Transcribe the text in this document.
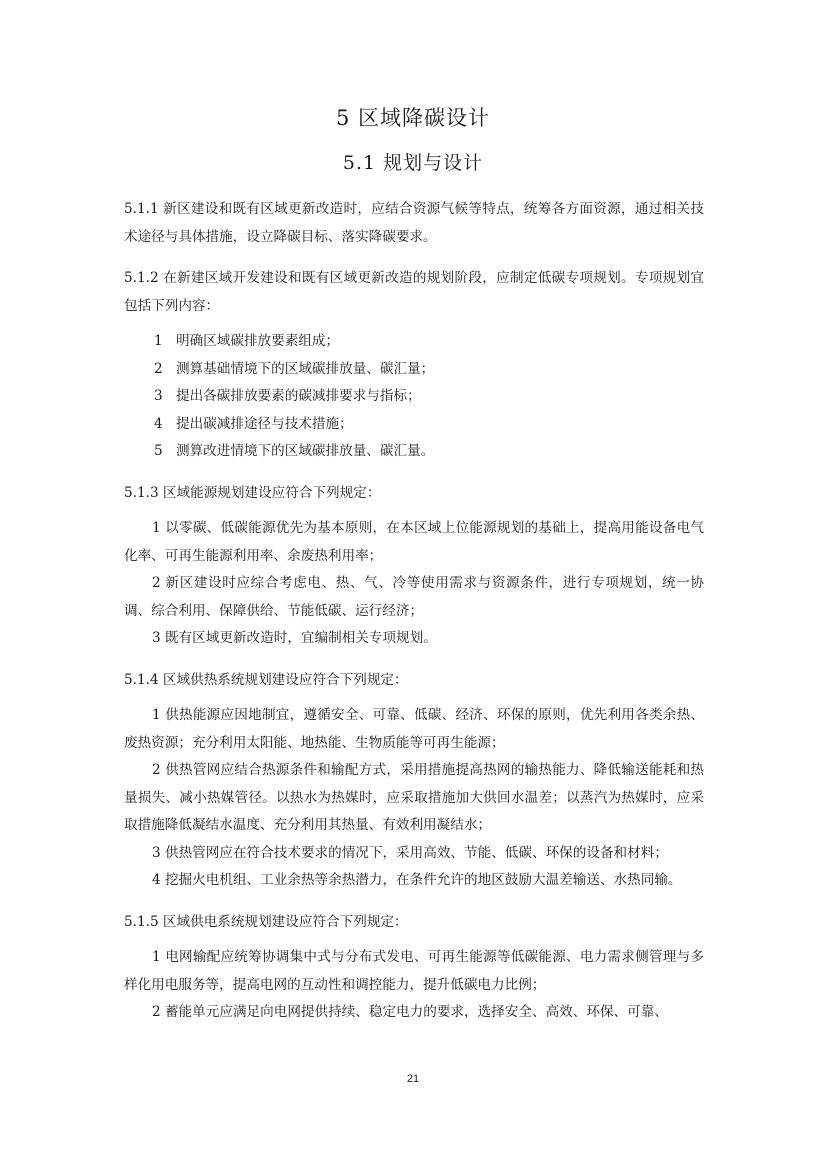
5 区域降碳设计
5.1 规划与设计

5.1.1 新区建设和既有区域更新改造时，应结合资源气候等特点，统筹各方面资源，通过相关技术途径与具体措施，设立降碳目标、落实降碳要求。

5.1.2 在新建区域开发建设和既有区域更新改造的规划阶段，应制定低碳专项规划。专项规划宜包括下列内容：

1 明确区域碳排放要素组成；

2 测算基础情境下的区域碳排放量、碳汇量；

3 提出各碳排放要素的碳减排要求与指标；

4 提出碳减排途径与技术措施；

5 测算改进情境下的区域碳排放量、碳汇量。

5.1.3 区域能源规划建设应符合下列规定：

1 以零碳、低碳能源优先为基本原则，在本区域上位能源规划的基础上，提高用能设备电气化率、可再生能源利用率、余废热利用率；

2 新区建设时应综合考虑电、热、气、冷等使用需求与资源条件，进行专项规划，统一协调、综合利用、保障供给、节能低碳、运行经济；

3 既有区域更新改造时，宜编制相关专项规划。

5.1.4 区域供热系统规划建设应符合下列规定：

1 供热能源应因地制宜，遵循安全、可靠、低碳、经济、环保的原则，优先利用各类余热、废热资源；充分利用太阳能、地热能、生物质能等可再生能源；

2 供热管网应结合热源条件和输配方式，采用措施提高热网的输热能力、降低输送能耗和热量损失、减小热媒管径。以热水为热媒时，应采取措施加大供回水温差；以蒸汽为热媒时，应采取措施降低凝结水温度、充分利用其热量、有效利用凝结水；

3 供热管网应在符合技术要求的情况下，采用高效、节能、低碳、环保的设备和材料；

4 挖掘火电机组、工业余热等余热潜力，在条件允许的地区鼓励大温差输送、水热同输。

5.1.5 区域供电系统规划建设应符合下列规定：

1 电网输配应统筹协调集中式与分布式发电、可再生能源等低碳能源、电力需求侧管理与多样化用电服务等，提高电网的互动性和调控能力，提升低碳电力比例；

2 蓄能单元应满足向电网提供持续、稳定电力的要求，选择安全、高效、环保、可靠、

21
